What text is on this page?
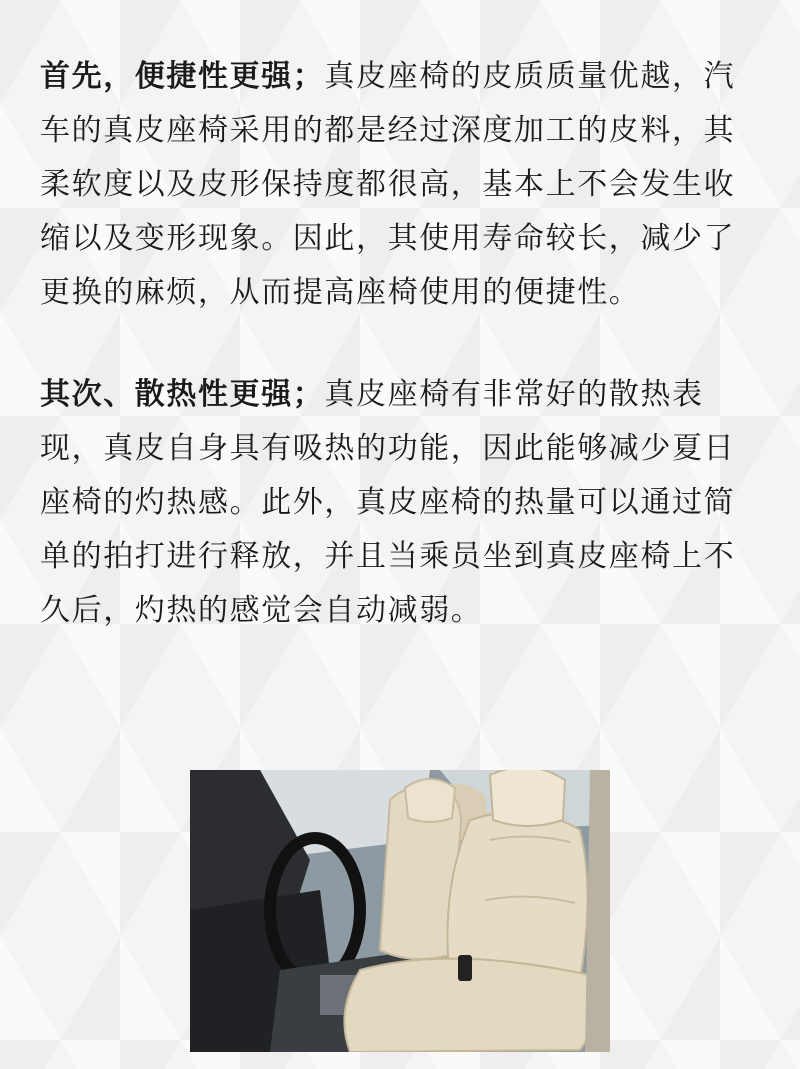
首先，便捷性更强；真皮座椅的皮质质量优越，汽车的真皮座椅采用的都是经过深度加工的皮料，其柔软度以及皮形保持度都很高，基本上不会发生收缩以及变形现象。因此，其使用寿命较长，减少了更换的麻烦，从而提高座椅使用的便捷性。

其次、散热性更强；真皮座椅有非常好的散热表现，真皮自身具有吸热的功能，因此能够减少夏日座椅的灼热感。此外，真皮座椅的热量可以通过简单的拍打进行释放，并且当乘员坐到真皮座椅上不久后，灼热的感觉会自动减弱。
